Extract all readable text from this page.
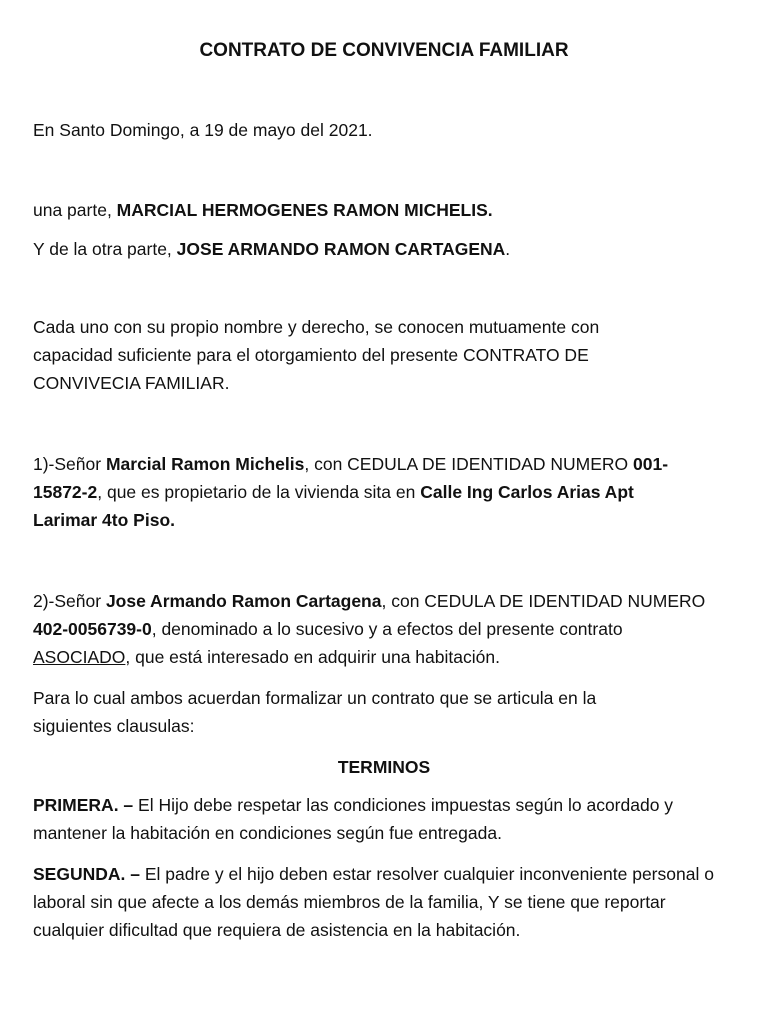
CONTRATO DE CONVIVENCIA FAMILIAR

En Santo Domingo, a 19 de mayo del 2021.

una parte, MARCIAL HERMOGENES RAMON MICHELIS.

Y de la otra parte, JOSE ARMANDO RAMON CARTAGENA.

Cada uno con su propio nombre y derecho, se conocen mutuamente con capacidad suficiente para el otorgamiento del presente CONTRATO DE CONVIVECIA FAMILIAR.

1)-Señor Marcial Ramon Michelis, con CEDULA DE IDENTIDAD NUMERO 001-

15872-2, que es propietario de la vivienda sita en Calle Ing Carlos Arias Apt

Larimar 4to Piso.

2)-Señor Jose Armando Ramon Cartagena, con CEDULA DE IDENTIDAD NUMERO

402-0056739-0, denominado a lo sucesivo y a efectos del presente contrato

ASOCIADO, que está interesado en adquirir una habitación.

Para lo cual ambos acuerdan formalizar un contrato que se articula en la siguientes clausulas:

TERMINOS

PRIMERA. – El Hijo debe respetar las condiciones impuestas según lo acordado y mantener la habitación en condiciones según fue entregada.

SEGUNDA. – El padre y el hijo deben estar resolver cualquier inconveniente personal o laboral sin que afecte a los demás miembros de la familia, Y se tiene que reportar cualquier dificultad que requiera de asistencia en la habitación.
